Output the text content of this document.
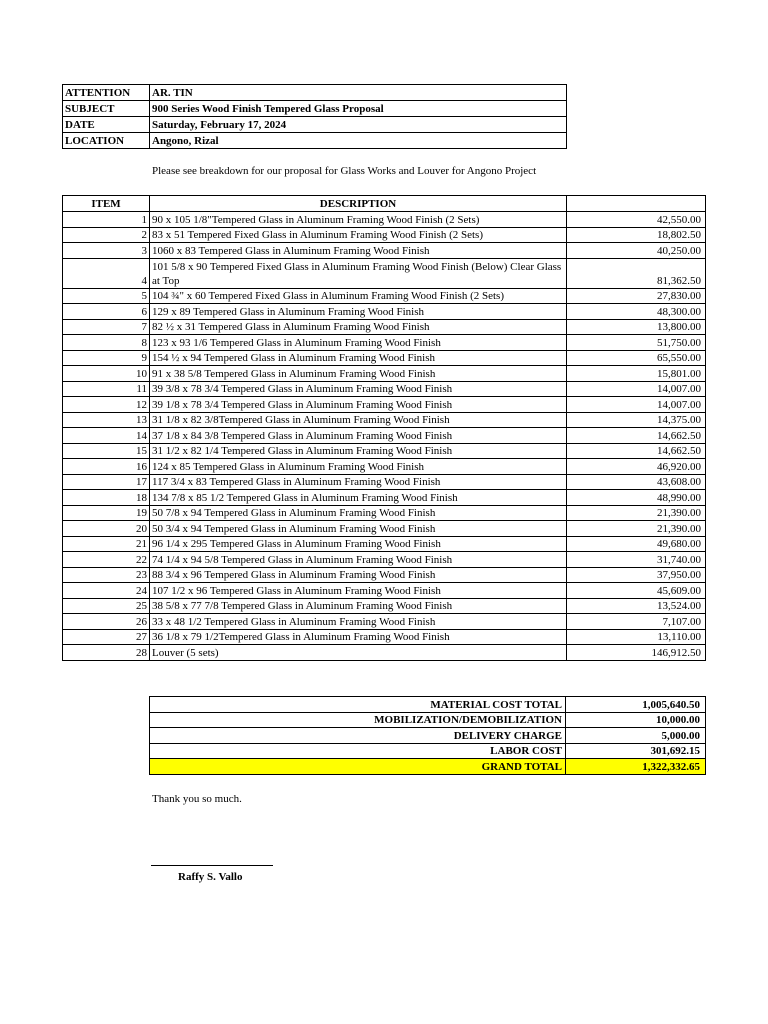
ATTENTION	AR. TIN
SUBJECT	900 Series Wood Finish Tempered Glass Proposal
DATE	Saturday, February 17, 2024
LOCATION	Angono, Rizal
Please see breakdown for our proposal for Glass Works and Louver for Angono Project
ITEM	DESCRIPTION	
1	90 x 105 1/8"Tempered Glass in Aluminum Framing Wood Finish (2 Sets)	42,550.00
2	83 x 51 Tempered Fixed Glass in Aluminum Framing Wood Finish (2 Sets)	18,802.50
3	1060 x 83 Tempered Glass in Aluminum Framing Wood Finish	40,250.00
4	101 5/8 x 90 Tempered Fixed Glass in Aluminum Framing Wood Finish (Below) Clear Glass at Top	81,362.50
5	104 ¾" x 60 Tempered Fixed Glass in Aluminum Framing Wood Finish (2 Sets)	27,830.00
6	129 x 89 Tempered Glass in Aluminum Framing Wood Finish	48,300.00
7	82 ½ x 31 Tempered Glass in Aluminum Framing Wood Finish	13,800.00
8	123 x 93 1/6 Tempered Glass in Aluminum Framing Wood Finish	51,750.00
9	154 ½ x 94 Tempered Glass in Aluminum Framing Wood Finish	65,550.00
10	91 x 38 5/8 Tempered Glass in Aluminum Framing Wood Finish	15,801.00
11	39 3/8 x 78 3/4 Tempered Glass in Aluminum Framing Wood Finish	14,007.00
12	39 1/8 x 78 3/4 Tempered Glass in Aluminum Framing Wood Finish	14,007.00
13	31 1/8 x 82 3/8Tempered Glass in Aluminum Framing Wood Finish	14,375.00
14	37 1/8 x 84 3/8 Tempered Glass in Aluminum Framing Wood Finish	14,662.50
15	31 1/2 x 82 1/4 Tempered Glass in Aluminum Framing Wood Finish	14,662.50
16	124 x 85 Tempered Glass in Aluminum Framing Wood Finish	46,920.00
17	117 3/4 x 83 Tempered Glass in Aluminum Framing Wood Finish	43,608.00
18	134 7/8 x 85 1/2 Tempered Glass in Aluminum Framing Wood Finish	48,990.00
19	50 7/8 x 94 Tempered Glass in Aluminum Framing Wood Finish	21,390.00
20	50 3/4 x 94 Tempered Glass in Aluminum Framing Wood Finish	21,390.00
21	96 1/4 x 295 Tempered Glass in Aluminum Framing Wood Finish	49,680.00
22	74 1/4 x 94 5/8 Tempered Glass in Aluminum Framing Wood Finish	31,740.00
23	88 3/4 x 96 Tempered Glass in Aluminum Framing Wood Finish	37,950.00
24	107 1/2 x 96 Tempered Glass in Aluminum Framing Wood Finish	45,609.00
25	38 5/8 x 77 7/8 Tempered Glass in Aluminum Framing Wood Finish	13,524.00
26	33 x 48 1/2 Tempered Glass in Aluminum Framing Wood Finish	7,107.00
27	36 1/8 x 79 1/2Tempered Glass in Aluminum Framing Wood Finish	13,110.00
28	Louver (5 sets)	146,912.50
MATERIAL COST TOTAL	1,005,640.50
MOBILIZATION/DEMOBILIZATION	10,000.00
DELIVERY CHARGE	5,000.00
LABOR COST	301,692.15
GRAND TOTAL	1,322,332.65
Thank you so much.
Raffy S. Vallo
